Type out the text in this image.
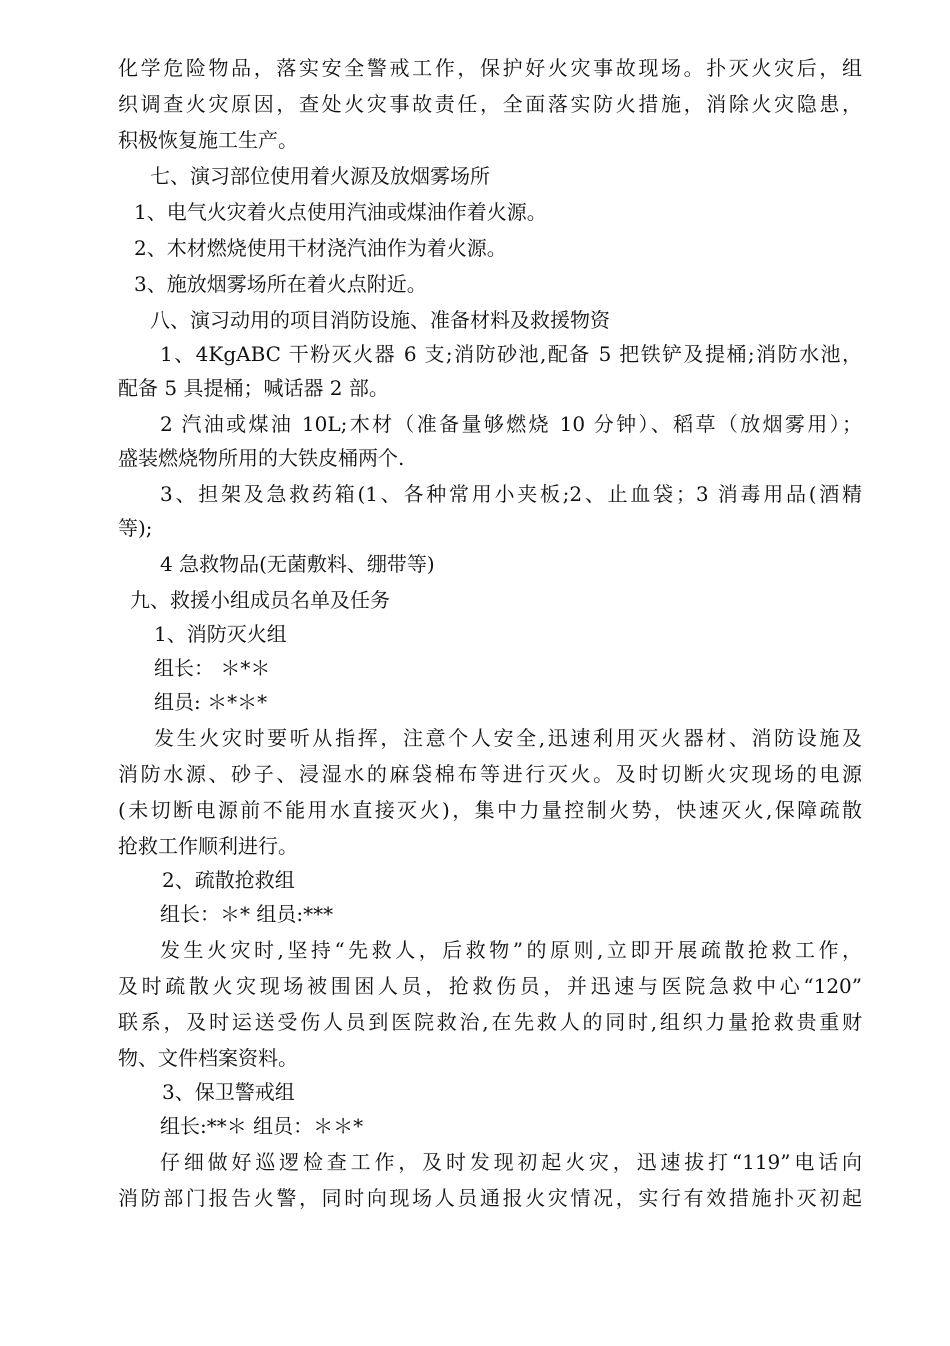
化学危险物品，落实安全警戒工作，保护好火灾事故现场。扑灭火灾后，组
织调查火灾原因，查处火灾事故责任，全面落实防火措施，消除火灾隐患，
积极恢复施工生产。
七、演习部位使用着火源及放烟雾场所
1、电气火灾着火点使用汽油或煤油作着火源。
2、木材燃烧使用干材浇汽油作为着火源。
3、施放烟雾场所在着火点附近。
八、演习动用的项目消防设施、准备材料及救援物资
1、4KgABC 干粉灭火器 6 支;消防砂池,配备 5 把铁铲及提桶;消防水池，
配备 5 具提桶；喊话器 2 部。
2 汽油或煤油 10L;木材（准备量够燃烧 10 分钟）、稻草（放烟雾用）；
盛装燃烧物所用的大铁皮桶两个.
3、担架及急救药箱(1、各种常用小夹板;2、止血袋；3 消毒用品(酒精
等);
4 急救物品(无菌敷料、绷带等)
九、救援小组成员名单及任务
1、消防灭火组
组长： ＊*＊
组员: ＊*＊*
发生火灾时要听从指挥，注意个人安全,迅速利用灭火器材、消防设施及
消防水源、砂子、浸湿水的麻袋棉布等进行灭火。及时切断火灾现场的电源
(未切断电源前不能用水直接灭火)，集中力量控制火势，快速灭火,保障疏散
抢救工作顺利进行。
2、疏散抢救组
组长：＊* 组员:***
发生火灾时,坚持“先救人，后救物”的原则,立即开展疏散抢救工作，
及时疏散火灾现场被围困人员，抢救伤员，并迅速与医院急救中心“120”
联系，及时运送受伤人员到医院救治,在先救人的同时,组织力量抢救贵重财
物、文件档案资料。
3、保卫警戒组
组长:**＊ 组员：＊＊*
仔细做好巡逻检查工作，及时发现初起火灾，迅速拔打“119”电话向
消防部门报告火警，同时向现场人员通报火灾情况，实行有效措施扑灭初起
